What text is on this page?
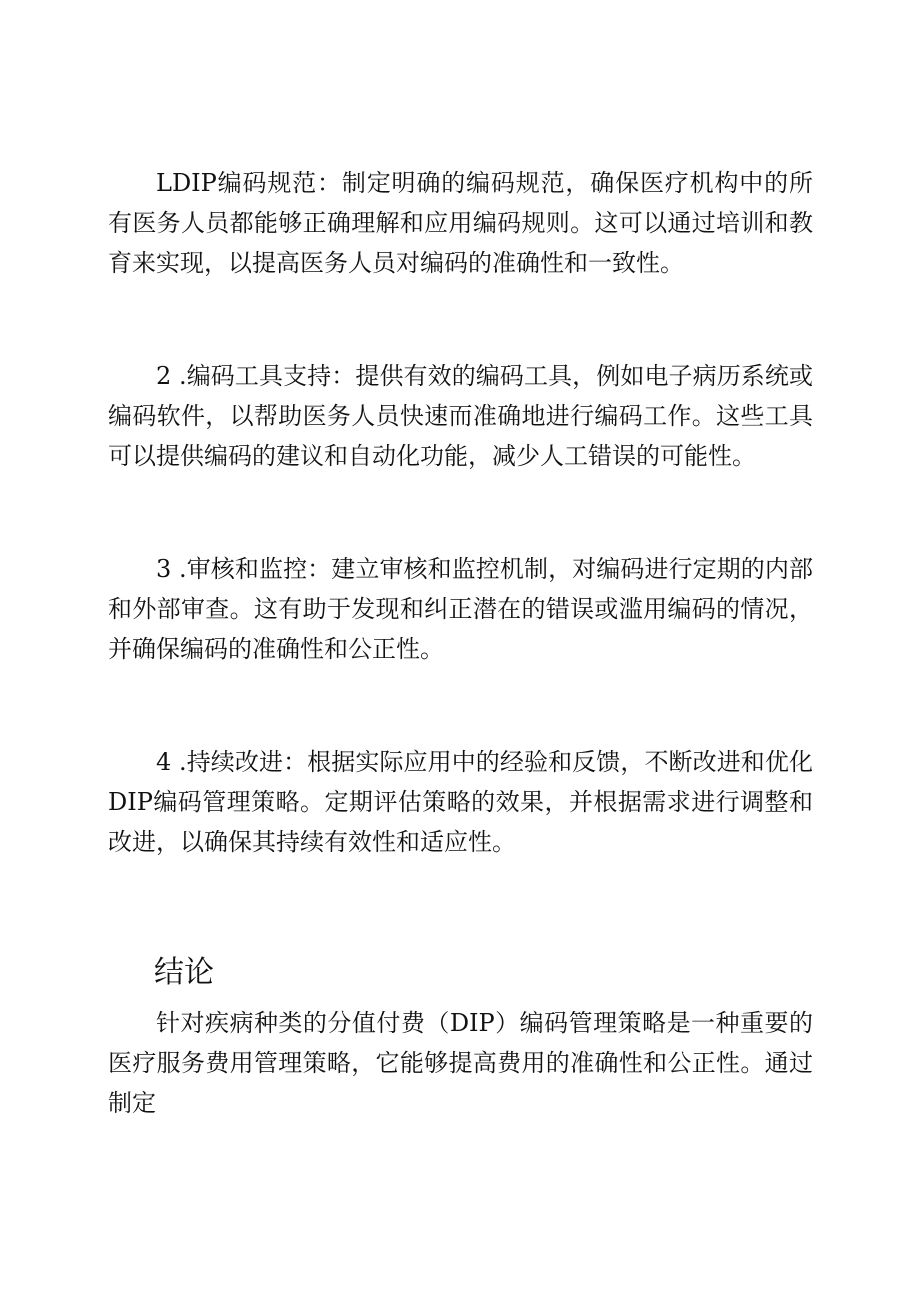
LDIP编码规范：制定明确的编码规范，确保医疗机构中的所有医务人员都能够正确理解和应用编码规则。这可以通过培训和教育来实现，以提高医务人员对编码的准确性和一致性。

2 .编码工具支持：提供有效的编码工具，例如电子病历系统或编码软件，以帮助医务人员快速而准确地进行编码工作。这些工具可以提供编码的建议和自动化功能，减少人工错误的可能性。

3 .审核和监控：建立审核和监控机制，对编码进行定期的内部和外部审查。这有助于发现和纠正潜在的错误或滥用编码的情况，并确保编码的准确性和公正性。

4 .持续改进：根据实际应用中的经验和反馈，不断改进和优化DIP编码管理策略。定期评估策略的效果，并根据需求进行调整和改进，以确保其持续有效性和适应性。

结论

针对疾病种类的分值付费（DIP）编码管理策略是一种重要的医疗服务费用管理策略，它能够提高费用的准确性和公正性。通过制定
